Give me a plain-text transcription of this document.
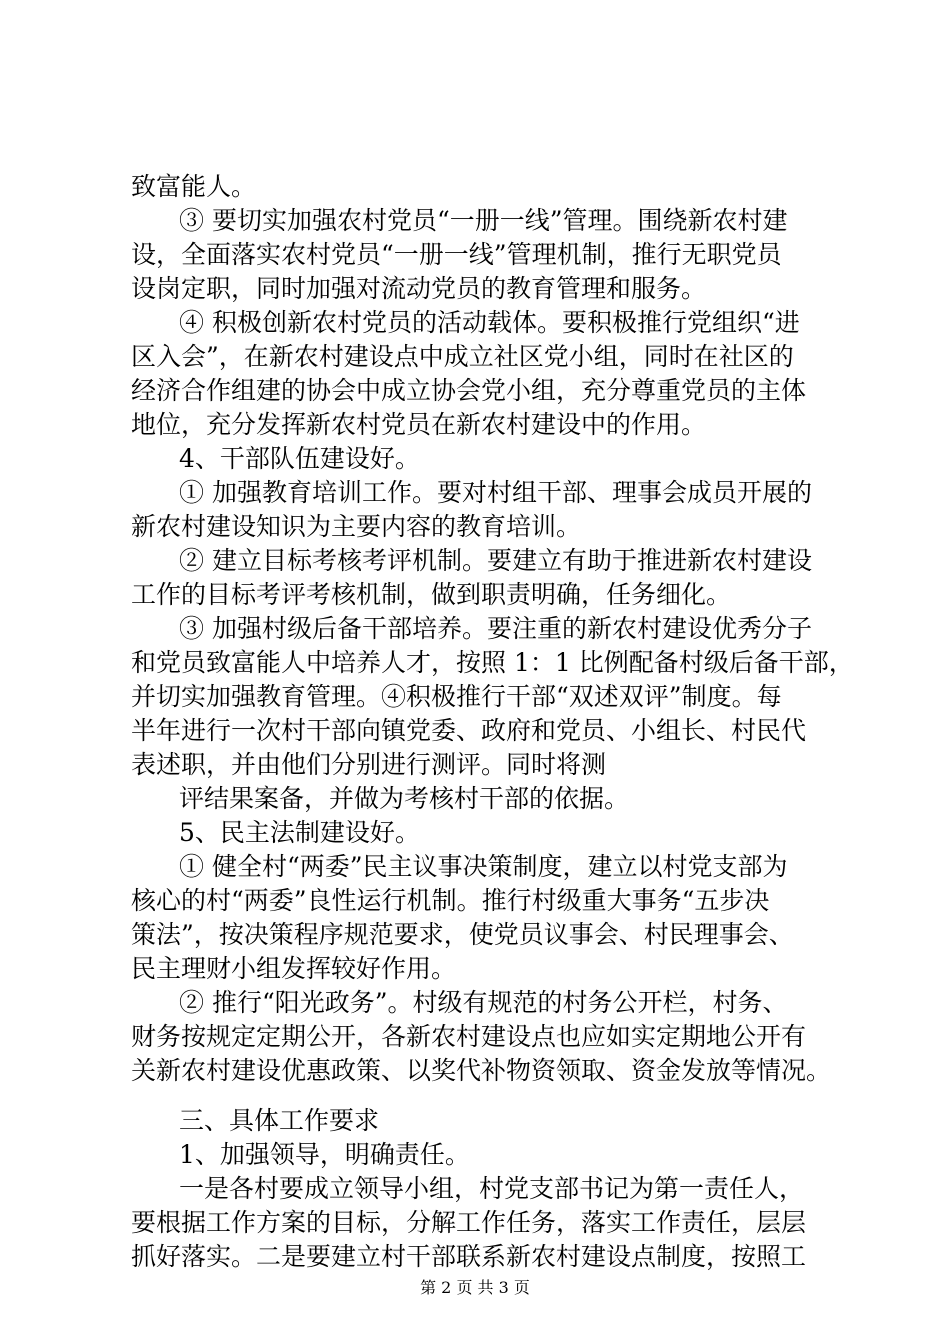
致富能人。

③ 要切实加强农村党员“一册一线”管理。围绕新农村建

设，全面落实农村党员“一册一线”管理机制，推行无职党员

设岗定职，同时加强对流动党员的教育管理和服务。

④ 积极创新农村党员的活动载体。要积极推行党组织“进

区入会”，在新农村建设点中成立社区党小组，同时在社区的

经济合作组建的协会中成立协会党小组，充分尊重党员的主体

地位，充分发挥新农村党员在新农村建设中的作用。

4、干部队伍建设好。

① 加强教育培训工作。要对村组干部、理事会成员开展的

新农村建设知识为主要内容的教育培训。

② 建立目标考核考评机制。要建立有助于推进新农村建设

工作的目标考评考核机制，做到职责明确，任务细化。

③ 加强村级后备干部培养。要注重的新农村建设优秀分子

和党员致富能人中培养人才，按照 1：1 比例配备村级后备干部，

并切实加强教育管理。④积极推行干部“双述双评”制度。每

半年进行一次村干部向镇党委、政府和党员、小组长、村民代

表述职，并由他们分别进行测评。同时将测

评结果案备，并做为考核村干部的依据。

5、民主法制建设好。

① 健全村“两委”民主议事决策制度，建立以村党支部为

核心的村“两委”良性运行机制。推行村级重大事务“五步决

策法”，按决策程序规范要求，使党员议事会、村民理事会、

民主理财小组发挥较好作用。

② 推行“阳光政务”。村级有规范的村务公开栏，村务、

财务按规定定期公开，各新农村建设点也应如实定期地公开有

关新农村建设优惠政策、以奖代补物资领取、资金发放等情况。

三、具体工作要求

1、加强领导，明确责任。

一是各村要成立领导小组，村党支部书记为第一责任人，

要根据工作方案的目标，分解工作任务，落实工作责任，层层

抓好落实。二是要建立村干部联系新农村建设点制度，按照工

第 2 页 共 3 页
